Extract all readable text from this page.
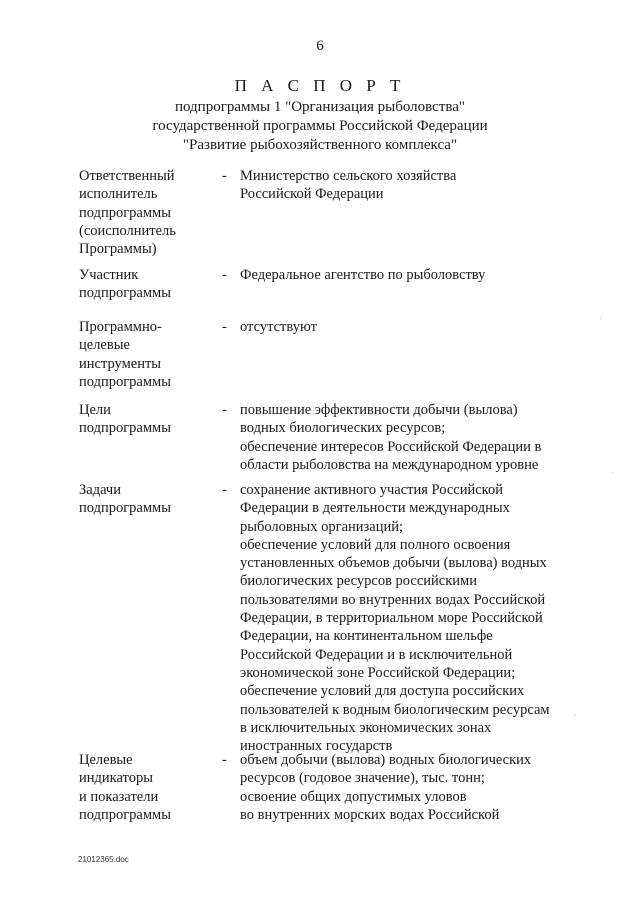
6
П А С П О Р Т
подпрограммы 1 "Организация рыболовства"
государственной программы Российской Федерации
"Развитие рыбохозяйственного комплекса"
Ответственный
исполнитель
подпрограммы
(соисполнитель
Программы)
- Министерство сельского хозяйства
Российской Федерации
Участник
подпрограммы
- Федеральное агентство по рыболовству
Программно-
целевые
инструменты
подпрограммы
- отсутствуют
Цели
подпрограммы
- повышение эффективности добычи (вылова)
водных биологических ресурсов;
обеспечение интересов Российской Федерации в
области рыболовства на международном уровне
Задачи
подпрограммы
- сохранение активного участия Российской
Федерации в деятельности международных
рыболовных организаций;
обеспечение условий для полного освоения
установленных объемов добычи (вылова) водных
биологических ресурсов российскими
пользователями во внутренних водах Российской
Федерации, в территориальном море Российской
Федерации, на континентальном шельфе
Российской Федерации и в исключительной
экономической зоне Российской Федерации;
обеспечение условий для доступа российских
пользователей к водным биологическим ресурсам
в исключительных экономических зонах
иностранных государств
Целевые
индикаторы
и показатели
подпрограммы
- объем добычи (вылова) водных биологических
ресурсов (годовое значение), тыс. тонн;
освоение общих допустимых уловов
во внутренних морских водах Российской
21012365.doc
